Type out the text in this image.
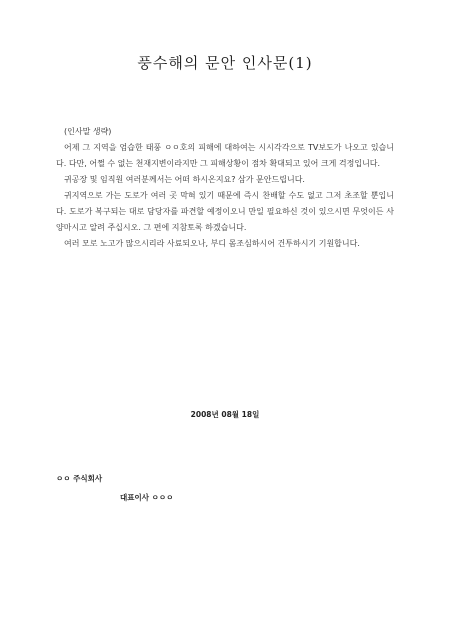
풍수해의 문안 인사문(1)

(인사말 생략)

어제 그 지역을 엄습한 태풍 ㅇㅇ호의 피해에 대하여는 시시각각으로 TV보도가 나오고 있습니다. 다만, 어쩔 수 없는 천재지변이라지만 그 피해상황이 점차 확대되고 있어 크게 걱정입니다.

귀공장 및 임직원 여러분께서는 어떠 하시온지요? 삼가 문안드립니다.

귀지역으로 가는 도로가 여러 곳 막혀 있기 때문에 즉시 찬배할 수도 없고 그저 초조할 뿐입니다. 도로가 복구되는 대로 담당자를 파견할 예정이오니 만일 필요하신 것이 있으시면 무엇이든 사양마시고 알려 주십시오. 그 편에 지참토록 하겠습니다.

여러 모로 노고가 많으시리라 사료되오나, 부디 몸조심하시어 건투하시기 기원합니다.

2008년 08월 18일
ㅇㅇ 주식회사
대표이사 ㅇㅇㅇ
